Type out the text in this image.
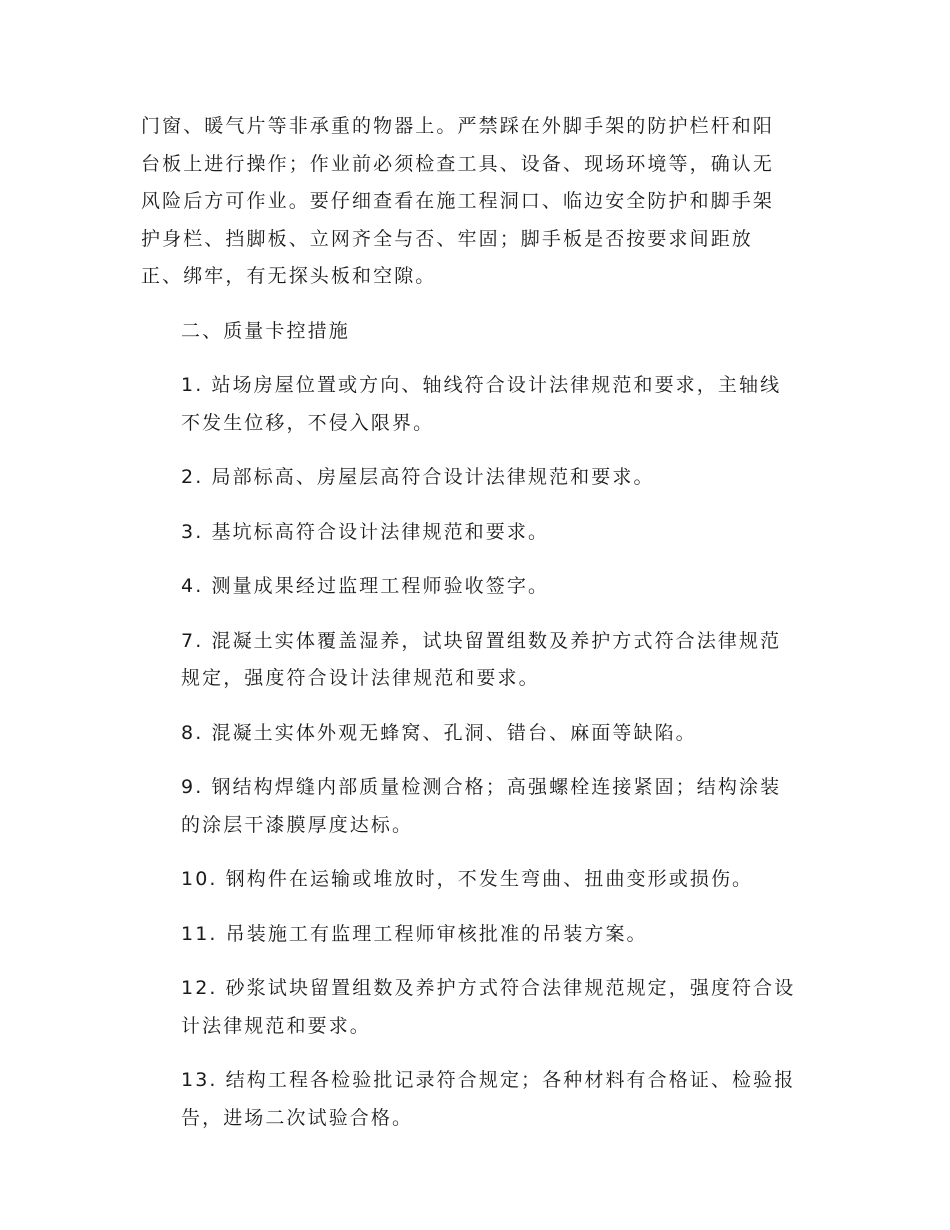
门窗、暖气片等非承重的物器上。严禁踩在外脚手架的防护栏杆和阳
台板上进行操作；作业前必须检查工具、设备、现场环境等，确认无
风险后方可作业。要仔细查看在施工程洞口、临边安全防护和脚手架
护身栏、挡脚板、立网齐全与否、牢固；脚手板是否按要求间距放
正、绑牢，有无探头板和空隙。

二、质量卡控措施

1. 站场房屋位置或方向、轴线符合设计法律规范和要求，主轴线
不发生位移，不侵入限界。

2. 局部标高、房屋层高符合设计法律规范和要求。

3. 基坑标高符合设计法律规范和要求。

4. 测量成果经过监理工程师验收签字。

7. 混凝土实体覆盖湿养，试块留置组数及养护方式符合法律规范
规定，强度符合设计法律规范和要求。

8. 混凝土实体外观无蜂窝、孔洞、错台、麻面等缺陷。

9. 钢结构焊缝内部质量检测合格；高强螺栓连接紧固；结构涂装
的涂层干漆膜厚度达标。

10. 钢构件在运输或堆放时，不发生弯曲、扭曲变形或损伤。

11. 吊装施工有监理工程师审核批准的吊装方案。

12. 砂浆试块留置组数及养护方式符合法律规范规定，强度符合设
计法律规范和要求。

13. 结构工程各检验批记录符合规定；各种材料有合格证、检验报
告，进场二次试验合格。
